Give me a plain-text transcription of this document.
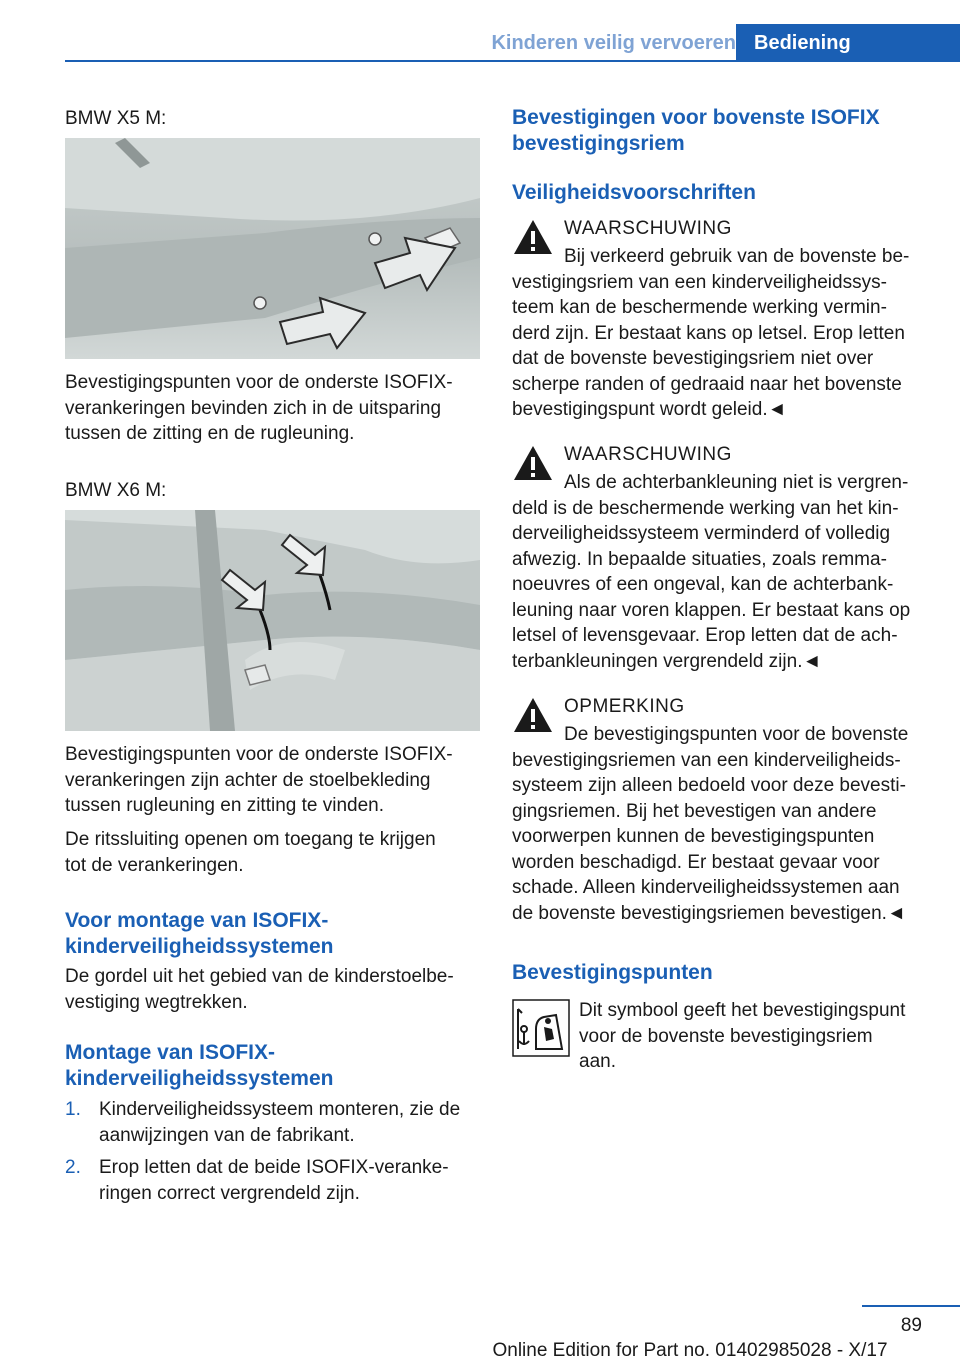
Kinderen veilig vervoeren Bediening
BMW X5 M:
Bevestigingspunten voor de onderste ISOFIX-
verankeringen bevinden zich in de uitsparing
tussen de zitting en de rugleuning.
BMW X6 M:
Bevestigingspunten voor de onderste ISOFIX-
verankeringen zijn achter de stoelbekleding
tussen rugleuning en zitting te vinden.
De ritssluiting openen om toegang te krijgen
tot de verankeringen.
Voor montage van ISOFIX-
kinderveiligheidssystemen
De gordel uit het gebied van de kinderstoelbe-
vestiging wegtrekken.
Montage van ISOFIX-
kinderveiligheidssystemen
1. Kinderveiligheidssysteem monteren, zie de
aanwijzingen van de fabrikant.
2. Erop letten dat de beide ISOFIX-veranke-
ringen correct vergrendeld zijn.
Bevestigingen voor bovenste ISOFIX
bevestigingsriem
Veiligheidsvoorschriften
WAARSCHUWING
Bij verkeerd gebruik van de bovenste be-
vestigingsriem van een kinderveiligheidssys-
teem kan de beschermende werking vermin-
derd zijn. Er bestaat kans op letsel. Erop letten
dat de bovenste bevestigingsriem niet over
scherpe randen of gedraaid naar het bovenste
bevestigingspunt wordt geleid.◄
WAARSCHUWING
Als de achterbankleuning niet is vergren-
deld is de beschermende werking van het kin-
derveiligheidssysteem verminderd of volledig
afwezig. In bepaalde situaties, zoals remma-
noeuvres of een ongeval, kan de achterbank-
leuning naar voren klappen. Er bestaat kans op
letsel of levensgevaar. Erop letten dat de ach-
terbankleuningen vergrendeld zijn.◄
OPMERKING
De bevestigingspunten voor de bovenste
bevestigingsriemen van een kinderveiligheids-
systeem zijn alleen bedoeld voor deze bevesti-
gingsriemen. Bij het bevestigen van andere
voorwerpen kunnen de bevestigingspunten
worden beschadigd. Er bestaat gevaar voor
schade. Alleen kinderveiligheidssystemen aan
de bovenste bevestigingsriemen bevestigen.◄
Bevestigingspunten
Dit symbool geeft het bevestigingspunt
voor de bovenste bevestigingsriem
aan.
89
Online Edition for Part no. 01402985028 - X/17
